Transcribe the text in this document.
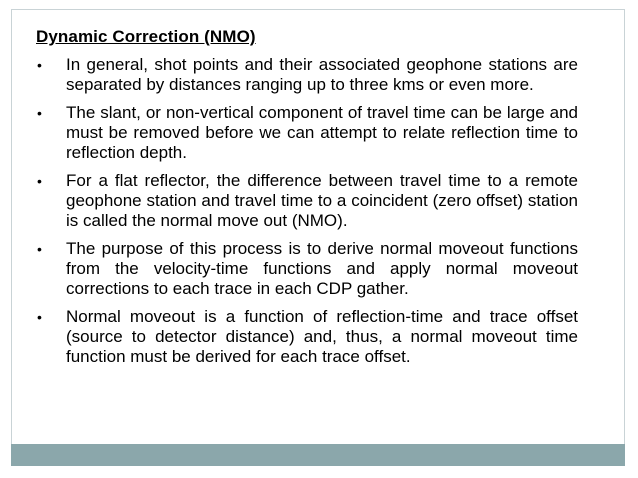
Dynamic Correction (NMO)
• In general, shot points and their associated geophone stations are separated by distances ranging up to three kms or even more.
• The slant, or non-vertical component of travel time can be large and must be removed before we can attempt to relate reflection time to reflection depth.
• For a flat reflector, the difference between travel time to a remote geophone station and travel time to a coincident (zero offset) station is called the normal move out (NMO).
• The purpose of this process is to derive normal moveout functions from the velocity-time functions and apply normal moveout corrections to each trace in each CDP gather.
• Normal moveout is a function of reflection-time and trace offset (source to detector distance) and, thus, a normal moveout time function must be derived for each trace offset.
